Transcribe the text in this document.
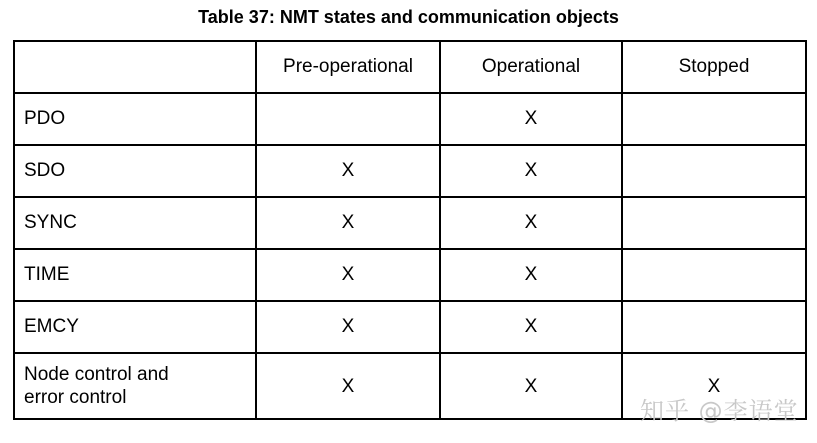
Table 37: NMT states and communication objects
	Pre-operational	Operational	Stopped
PDO		X	
SDO	X	X	
SYNC	X	X	
TIME	X	X	
EMCY	X	X	
Node control and
error control	X	X	X
知乎 @李语堂
